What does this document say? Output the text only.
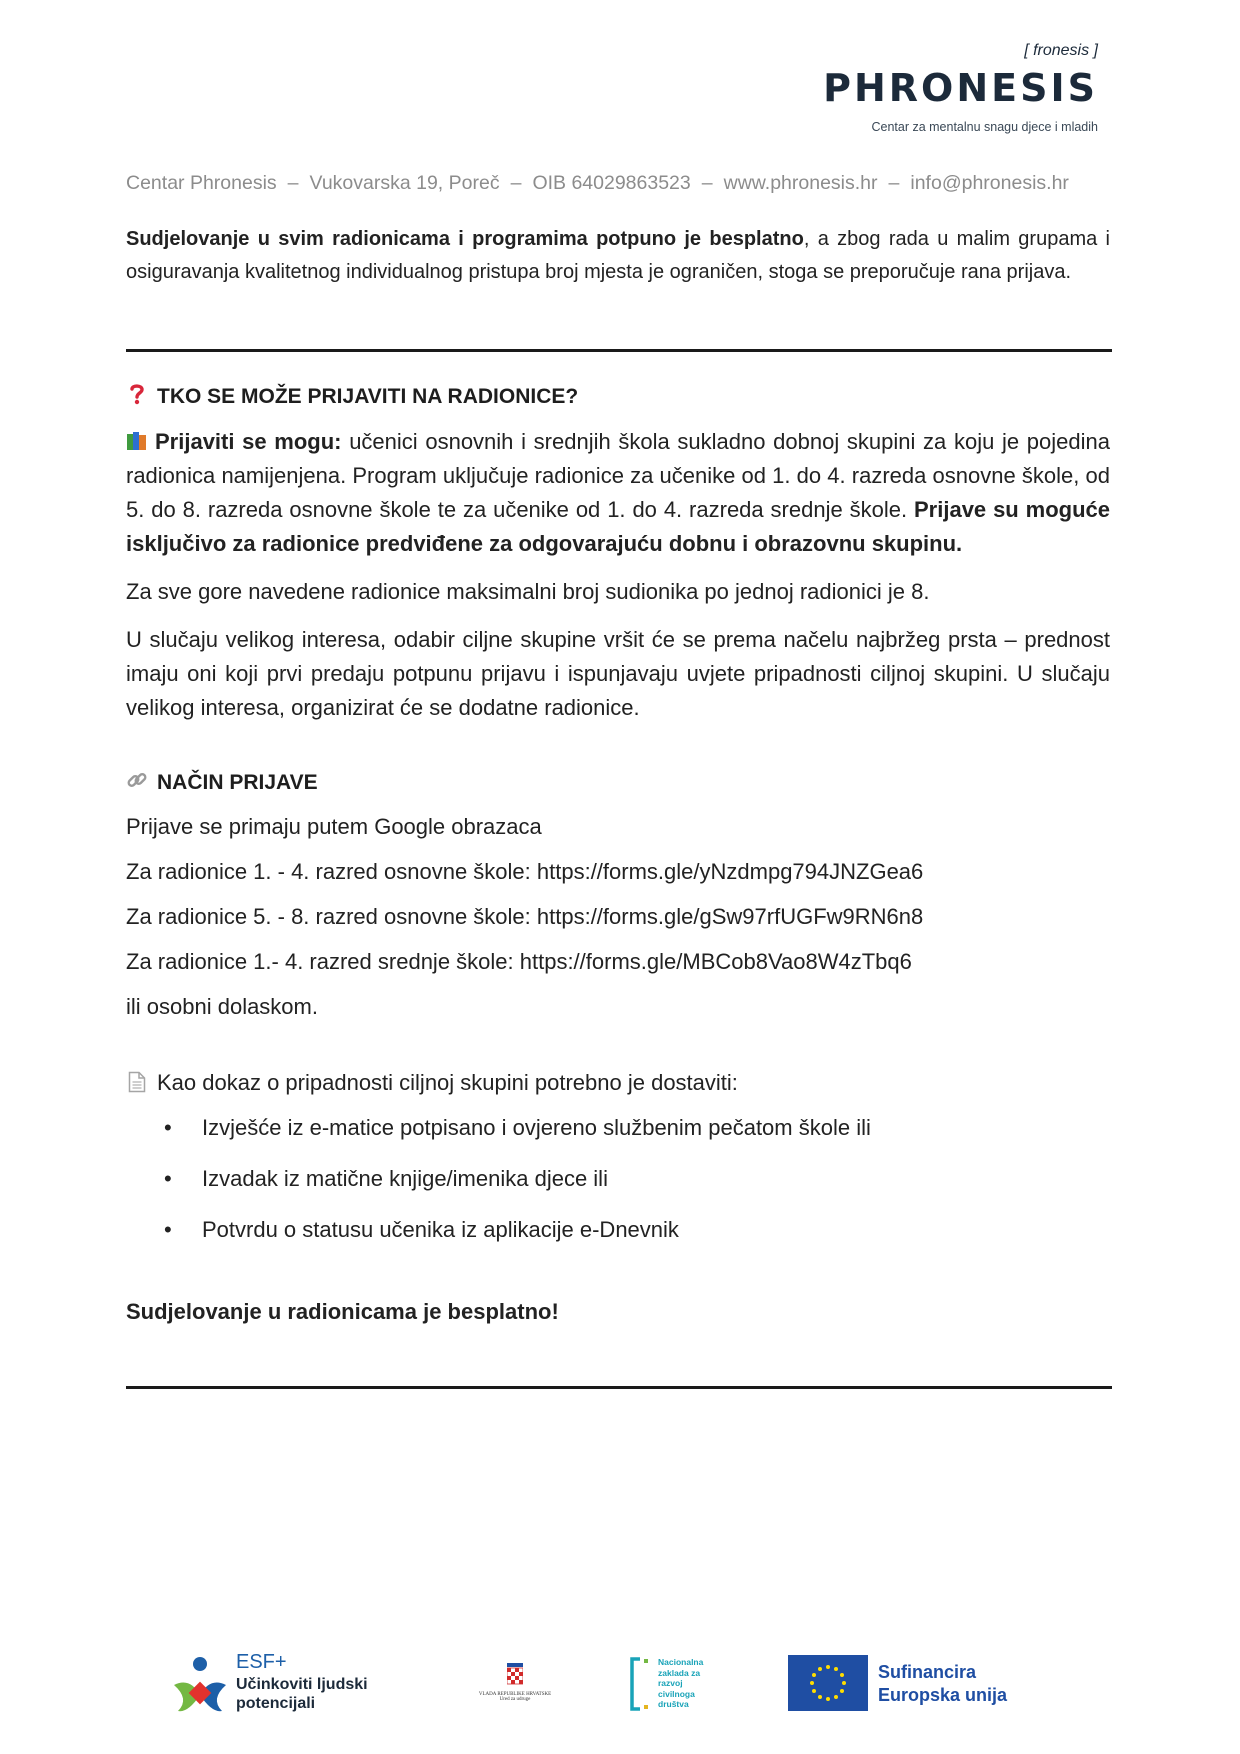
[ fronesis ]
PHRONESIS
Centar za mentalnu snagu djece i mladih
Centar Phronesis – Vukovarska 19, Poreč – OIB 64029863523 – www.phronesis.hr – info@phronesis.hr

Sudjelovanje u svim radionicama i programima potpuno je besplatno, a zbog rada u malim grupama i osiguravanja kvalitetnog individualnog pristupa broj mjesta je ograničen, stoga se preporučuje rana prijava.

TKO SE MOŽE PRIJAVITI NA RADIONICE?

Prijaviti se mogu: učenici osnovnih i srednjih škola sukladno dobnoj skupini za koju je pojedina radionica namijenjena. Program uključuje radionice za učenike od 1. do 4. razreda osnovne škole, od 5. do 8. razreda osnovne škole te za učenike od 1. do 4. razreda srednje škole. Prijave su moguće isključivo za radionice predviđene za odgovarajuću dobnu i obrazovnu skupinu.

Za sve gore navedene radionice maksimalni broj sudionika po jednoj radionici je 8.

U slučaju velikog interesa, odabir ciljne skupine vršit će se prema načelu najbržeg prsta – prednost imaju oni koji prvi predaju potpunu prijavu i ispunjavaju uvjete pripadnosti ciljnoj skupini. U slučaju velikog interesa, organizirat će se dodatne radionice.

NAČIN PRIJAVE

Prijave se primaju putem Google obrazaca

Za radionice 1. - 4. razred osnovne škole: https://forms.gle/yNzdmpg794JNZGea6

Za radionice 5. - 8. razred osnovne škole: https://forms.gle/gSw97rfUGFw9RN6n8

Za radionice 1.- 4. razred srednje škole: https://forms.gle/MBCob8Vao8W4zTbq6

ili osobni dolaskom.

Kao dokaz o pripadnosti ciljnoj skupini potrebno je dostaviti:

• Izvješće iz e-matice potpisano i ovjereno službenim pečatom škole ili
• Izvadak iz matične knjige/imenika djece ili
• Potvrdu o statusu učenika iz aplikacije e-Dnevnik

Sudjelovanje u radionicama je besplatno!

ESF+
Učinkoviti ljudski
potencijali
VLADA REPUBLIKE HRVATSKE
Ured za udruge
Nacionalna
zaklada za
razvoj
civilnoga
društva
Sufinancira
Europska unija
